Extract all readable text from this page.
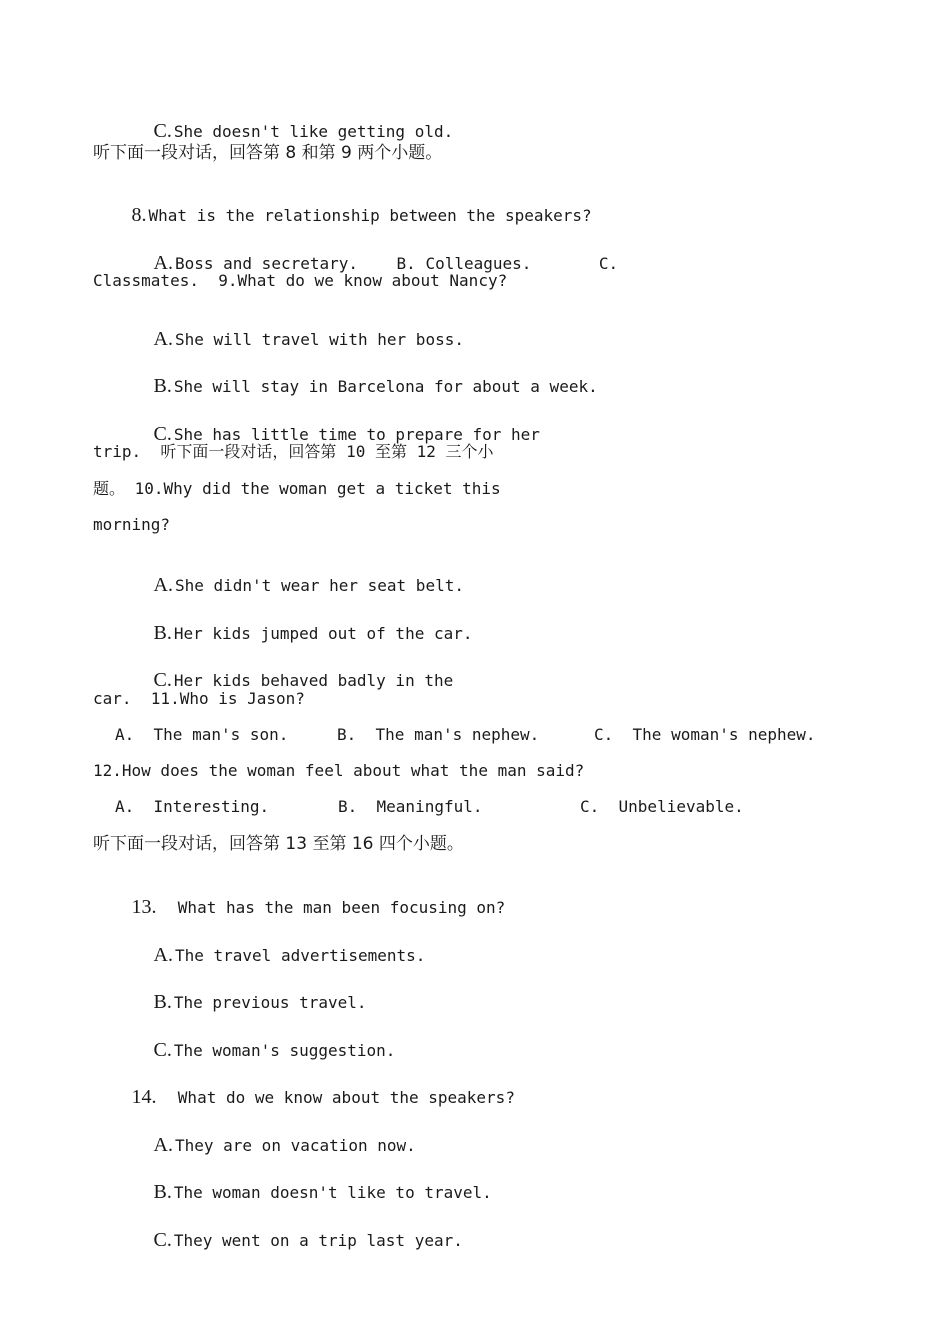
C. She doesn't like getting old.

听下面一段对话，回答第 8 和第 9 两个小题。

8. What is the relationship between the speakers?

A. Boss and secretary.    B. Colleagues.       C.

Classmates.  9.What do we know about Nancy?

A. She will travel with her boss.

B. She will stay in Barcelona for about a week.

C. She has little time to prepare for her

trip.  听下面一段对话，回答第 10 至第 12 三个小
题。 10.Why did the woman get a ticket this
morning?

A. She didn't wear her seat belt.

B. Her kids jumped out of the car.

C. Her kids behaved badly in the

car.  11.Who is Jason?
A.  The man's son.	B.  The man's nephew.	C.  The woman's nephew.
12.How does the woman feel about what the man said?
A.  Interesting.	B.  Meaningful.	C.  Unbelievable.
听下面一段对话，回答第 13 至第 16 四个小题。

13.  What has the man been focusing on?

A. The travel advertisements.

B. The previous travel.

C. The woman's suggestion.

14.  What do we know about the speakers?

A. They are on vacation now.

B. The woman doesn't like to travel.

C. They went on a trip last year.
